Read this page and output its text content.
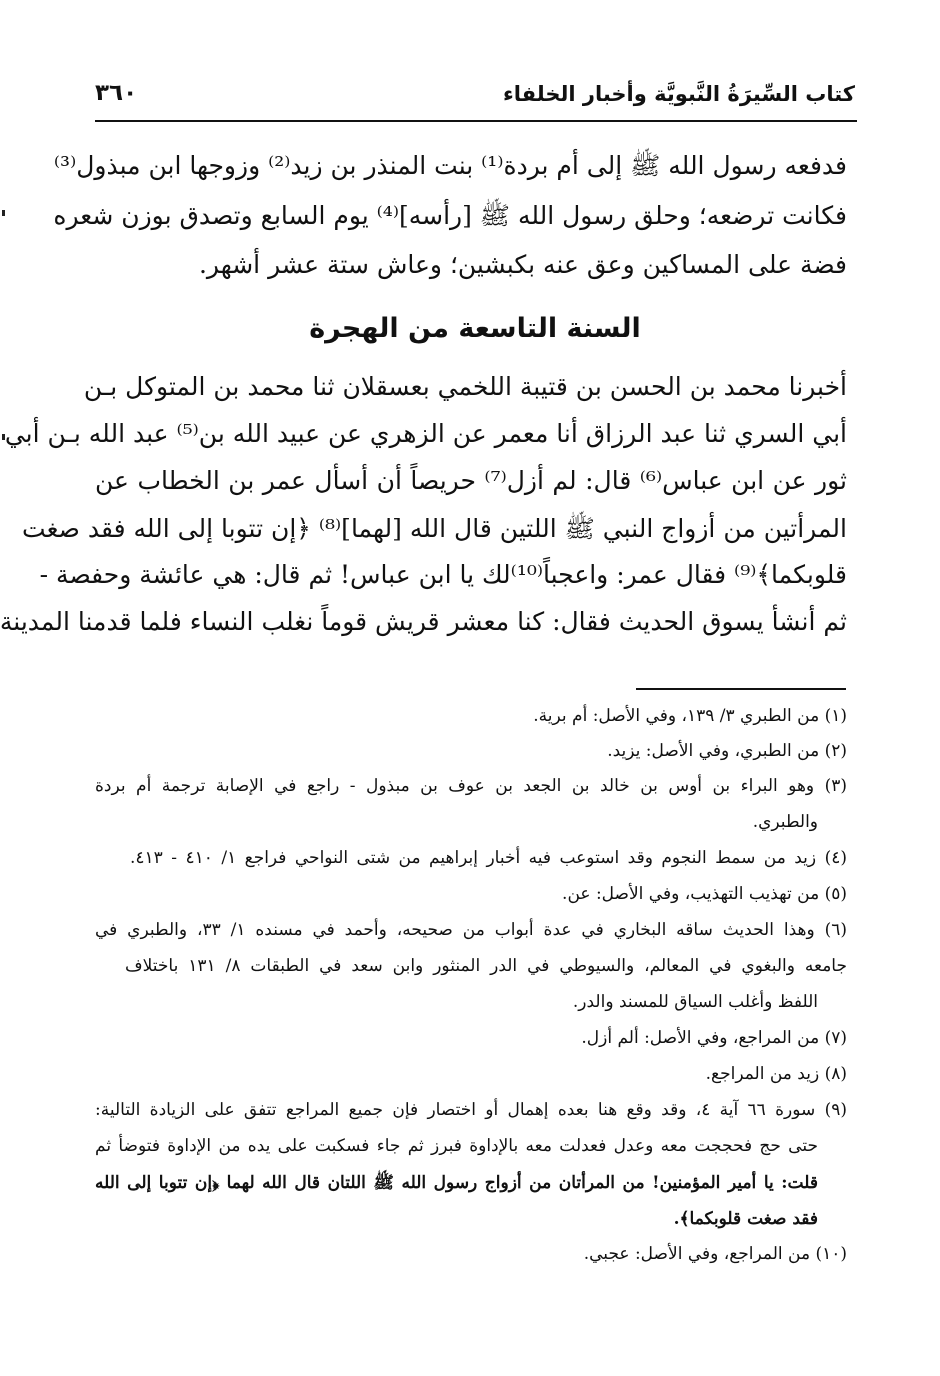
كتاب السِّيرَةُ النَّبويَّة وأخبار الخلفاء
٣٦٠
فدفعه رسول الله ﷺ إلى أم بردة⁽¹⁾ بنت المنذر بن زيد⁽²⁾ وزوجها ابن مبذول⁽³⁾
فكانت ترضعه؛ وحلق رسول الله ﷺ [رأسه]⁽⁴⁾ يوم السابع وتصدق بوزن شعره
فضة على المساكين وعق عنه بكبشين؛ وعاش ستة عشر أشهر.
السنة التاسعة من الهجرة
أخبرنا محمد بن الحسن بن قتيبة اللخمي بعسقلان ثنا محمد بن المتوكل بـن
أبي السري ثنا عبد الرزاق أنا معمر عن الزهري عن عبيد الله بن⁽⁵⁾ عبد الله بـن أبي
ثور عن ابن عباس⁽⁶⁾ قال: لم أزل⁽⁷⁾ حريصاً أن أسأل عمر بن الخطاب عن
المرأتين من أزواج النبي ﷺ اللتين قال الله [لهما]⁽⁸⁾ ﴿إن تتوبا إلى الله فقد صغت
قلوبكما﴾⁽⁹⁾ فقال عمر: واعجباً⁽¹⁰⁾لك يا ابن عباس! ثم قال: هي عائشة وحفصة -
ثم أنشأ يسوق الحديث فقال: كنا معشر قريش قوماً نغلب النساء فلما قدمنا المدينة
(١) من الطبري ٣/ ١٣٩، وفي الأصل: أم برية.
(٢) من الطبري، وفي الأصل: يزيد.
(٣) وهو البراء بن أوس بن خالد بن الجعد بن عوف بن مبذول - راجع في الإصابة ترجمة أم بردة
والطبري.
(٤) زيد من سمط النجوم وقد استوعب فيه أخبار إبراهيم من شتى النواحي فراجع ١/ ٤١٠ - ٤١٣.
(٥) من تهذيب التهذيب، وفي الأصل: عن.
(٦) وهذا الحديث ساقه البخاري في عدة أبواب من صحيحه، وأحمد في مسنده ١/ ٣٣، والطبري في
جامعه والبغوي في المعالم، والسيوطي في الدر المنثور وابن سعد في الطبقات ٨/ ١٣١ باختلاف
اللفظ وأغلب السياق للمسند والدر.
(٧) من المراجع، وفي الأصل: ألم أزل.
(٨) زيد من المراجع.
(٩) سورة ٦٦ آية ٤، وقد وقع هنا بعده إهمال أو اختصار فإن جميع المراجع تتفق على الزيادة التالية:
حتى حج فحججت معه وعدل فعدلت معه بالإداوة فبرز ثم جاء فسكبت على يده من الإداوة فتوضأ ثم
قلت: يا أمير المؤمنين! من المرأتان من أزواج رسول الله ﷺ اللتان قال الله لهما ﴿إن تتوبا إلى الله
فقد صغت قلوبكما﴾.
(١٠) من المراجع، وفي الأصل: عجبي.
